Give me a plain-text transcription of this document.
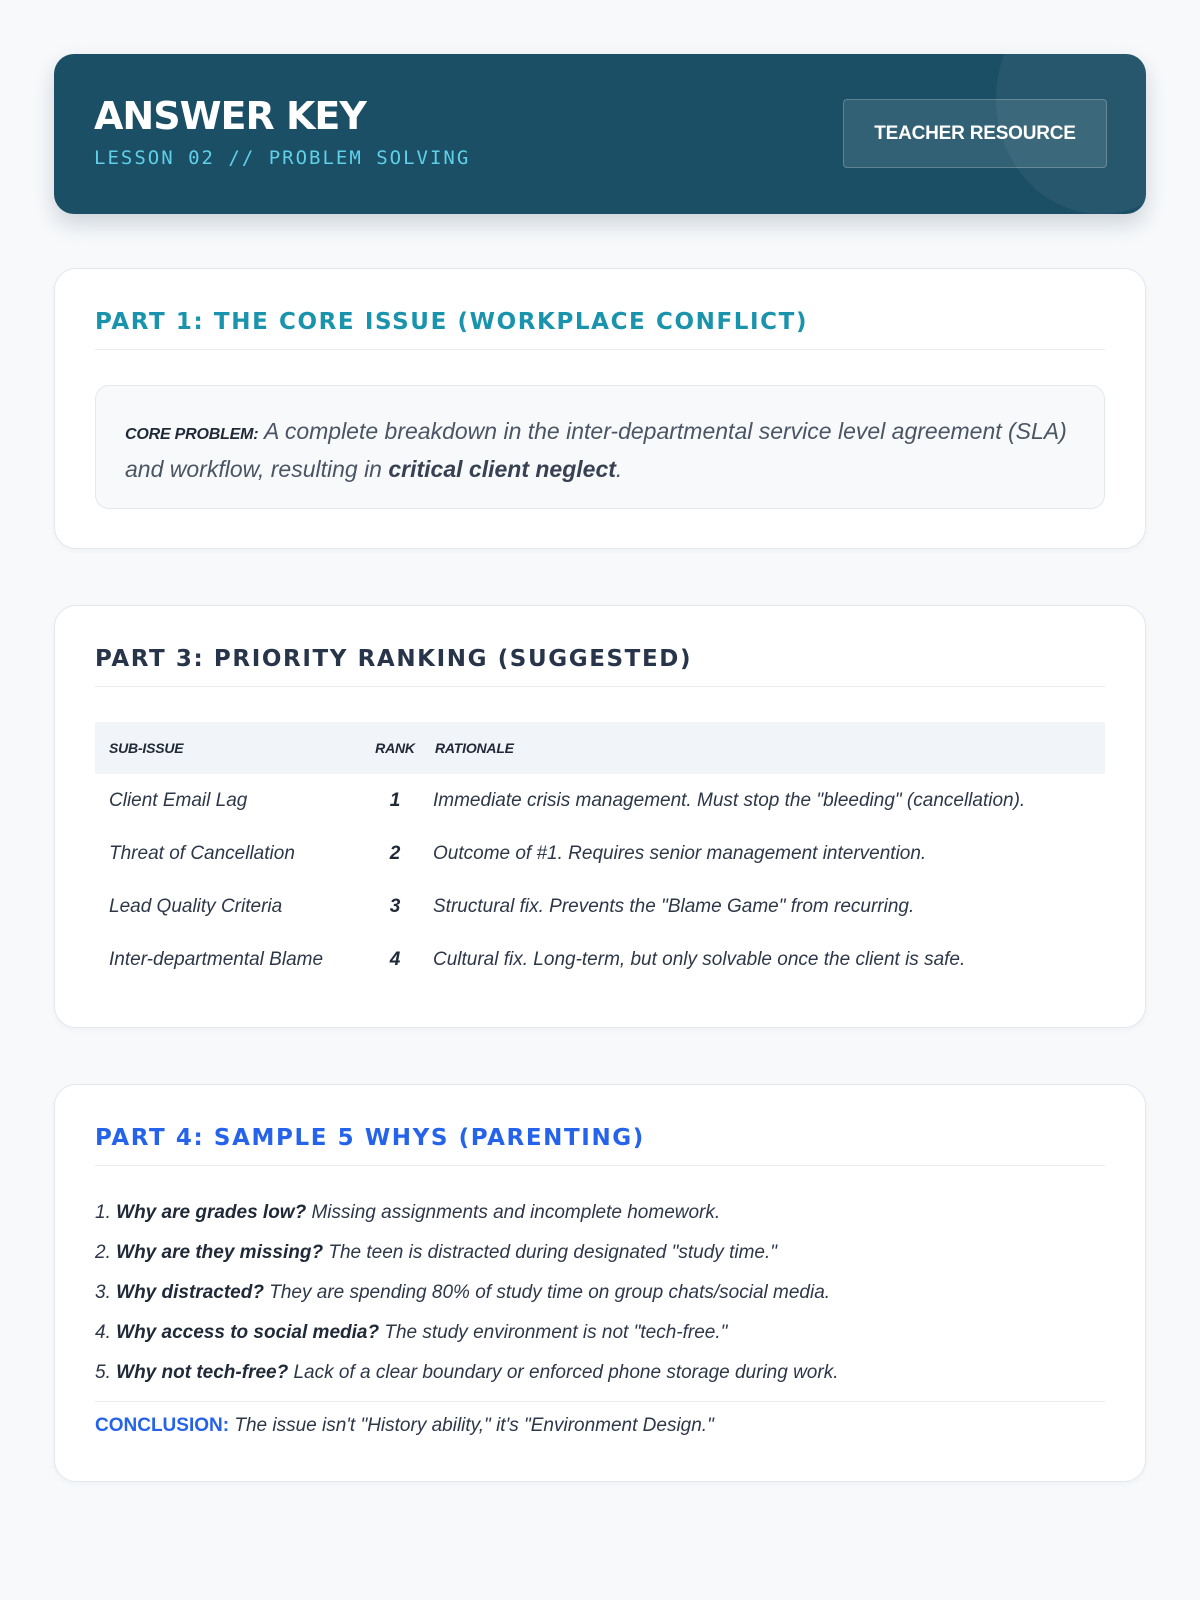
ANSWER KEY
LESSON 02 // PROBLEM SOLVING
TEACHER RESOURCE
PART 1: THE CORE ISSUE (WORKPLACE CONFLICT)
CORE PROBLEM: A complete breakdown in the inter-departmental service level agreement (SLA) and workflow, resulting in critical client neglect.
PART 3: PRIORITY RANKING (SUGGESTED)
SUB-ISSUE	RANK	RATIONALE
Client Email Lag	1	Immediate crisis management. Must stop the "bleeding" (cancellation).
Threat of Cancellation	2	Outcome of #1. Requires senior management intervention.
Lead Quality Criteria	3	Structural fix. Prevents the "Blame Game" from recurring.
Inter-departmental Blame	4	Cultural fix. Long-term, but only solvable once the client is safe.
PART 4: SAMPLE 5 WHYS (PARENTING)
1. Why are grades low? Missing assignments and incomplete homework.
2. Why are they missing? The teen is distracted during designated "study time."
3. Why distracted? They are spending 80% of study time on group chats/social media.
4. Why access to social media? The study environment is not "tech-free."
5. Why not tech-free? Lack of a clear boundary or enforced phone storage during work.
CONCLUSION: The issue isn't "History ability," it's "Environment Design."
